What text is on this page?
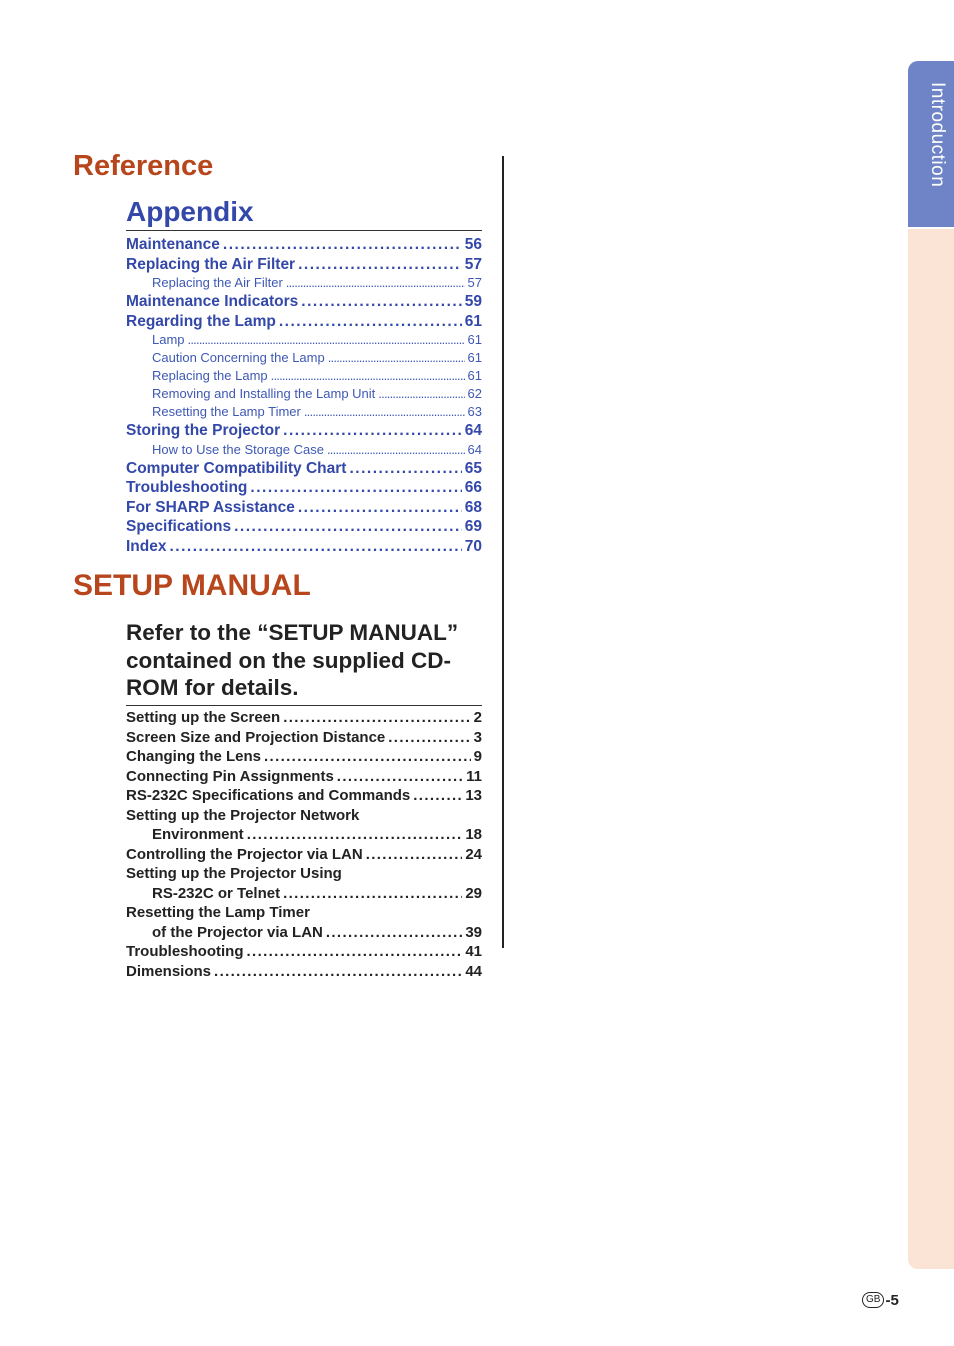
Introduction
Reference
Appendix
Maintenance . . .	56
Replacing the Air Filter . . .	57
Replacing the Air Filter . . .	57
Maintenance Indicators . . .	59
Regarding the Lamp . . .	61
Lamp . . .	61
Caution Concerning the Lamp . . .	61
Replacing the Lamp . . .	61
Removing and Installing the Lamp Unit . . .	62
Resetting the Lamp Timer . . .	63
Storing the Projector . . .	64
How to Use the Storage Case . . .	64
Computer Compatibility Chart . . .	65
Troubleshooting . . .	66
For SHARP Assistance . . .	68
Specifications . . .	69
Index . . .	70
SETUP MANUAL

Refer to the “SETUP MANUAL” contained on the supplied CD-ROM for details.

Setting up the Screen . . .	2
Screen Size and Projection Distance . . .	3
Changing the Lens . . .	9
Connecting Pin Assignments . . .	11
RS-232C Specifications and Commands . . .	13
Setting up the Projector Network
Environment . . .	18
Controlling the Projector via LAN . . .	24
Setting up the Projector Using
RS-232C or Telnet . . .	29
Resetting the Lamp Timer
of the Projector via LAN . . .	39
Troubleshooting . . .	41
Dimensions . . .	44
GB -5
